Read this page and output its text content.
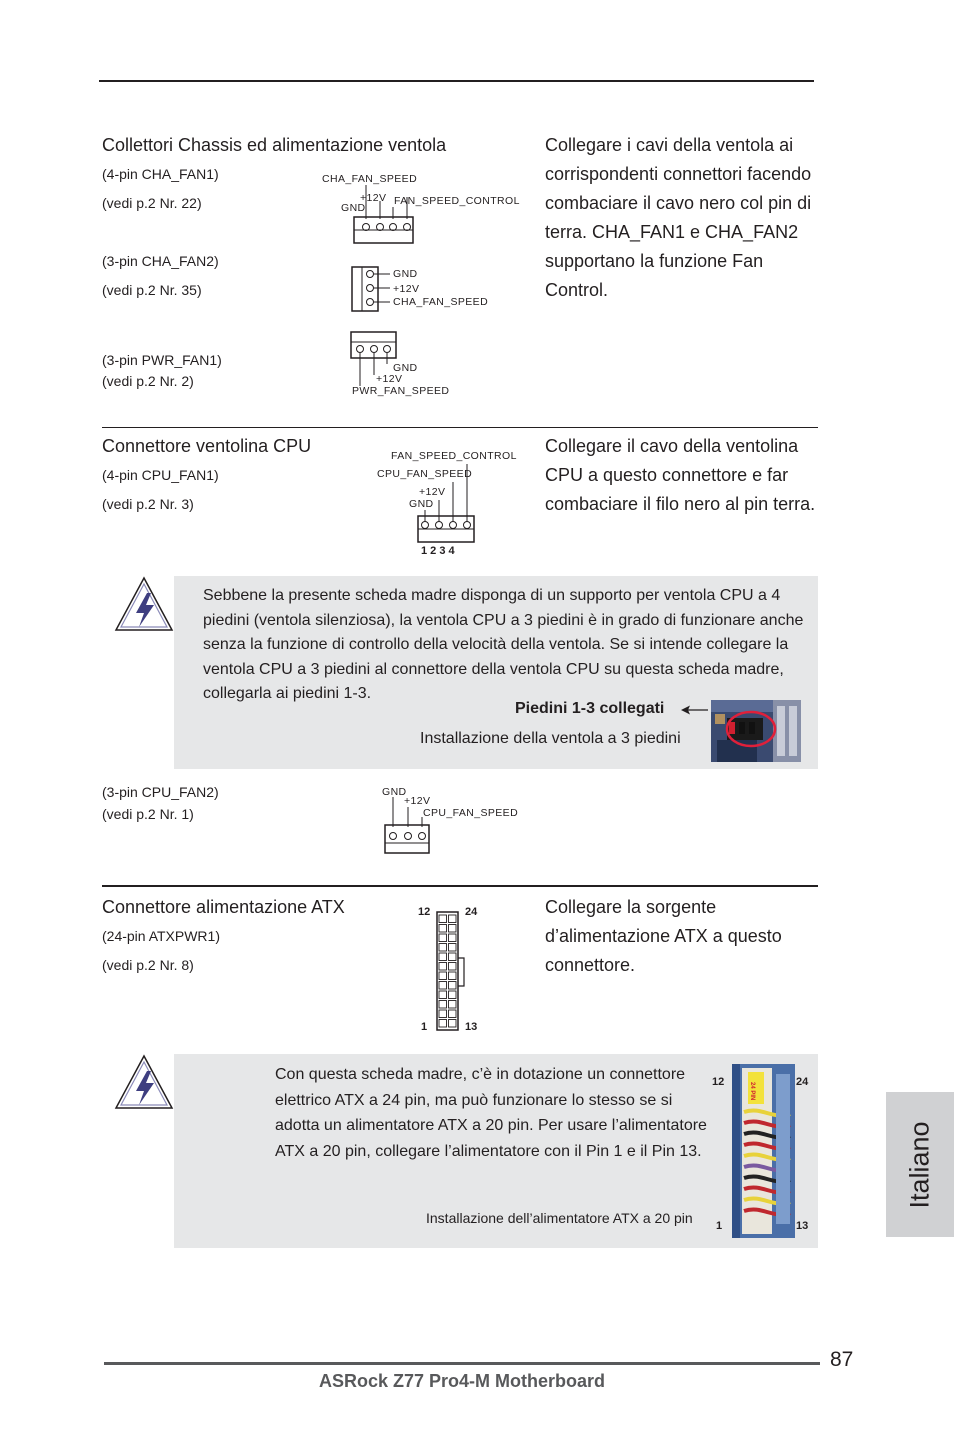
Collettori Chassis ed alimentazione ventola
(4-pin CHA_FAN1)
(vedi p.2 Nr. 22)
(3-pin CHA_FAN2)
(vedi p.2 Nr. 35)
(3-pin PWR_FAN1)
(vedi p.2 Nr. 2)
Collegare i cavi della ventola ai corrispondenti connettori facendo combaciare il cavo nero col pin di terra. CHA_FAN1 e CHA_FAN2 supportano la funzione Fan Control.
CHA_FAN_SPEED
+12V
GND
FAN_SPEED_CONTROL
GND
+12V
CHA_FAN_SPEED
GND
+12V
PWR_FAN_SPEED
Connettore ventolina CPU
(4-pin CPU_FAN1)
(vedi p.2 Nr. 3)
Collegare il cavo della ventolina CPU a questo connettore e far combaciare il filo nero al pin terra.
FAN_SPEED_CONTROL
CPU_FAN_SPEED
+12V
GND
1 2 3 4
Sebbene la presente scheda madre disponga di un supporto per ventola CPU a 4 piedini (ventola silenziosa), la ventola CPU a 3 piedini è in grado di funzionare anche senza la funzione di controllo della velocità della ventola. Se si intende collegare la ventola CPU a 3 piedini al connettore della ventola CPU su questa scheda madre, collegarla ai piedini 1-3.
Piedini 1-3 collegati
Installazione della ventola a 3 piedini
(3-pin CPU_FAN2)
(vedi p.2 Nr. 1)
GND
+12V
CPU_FAN_SPEED
Connettore alimentazione ATX
(24-pin ATXPWR1)
(vedi p.2 Nr. 8)
Collegare la sorgente d’alimentazione ATX a questo connettore.
12	24
1	13
Con questa scheda madre, c’è in dotazione un connettore elettrico ATX a 24 pin, ma può funzionare lo stesso se si adotta un alimentatore ATX a 20 pin. Per usare l’alimentatore ATX a 20 pin, collegare l’alimentatore con il Pin 1 e il Pin 13.
Installazione dell’alimentatore ATX a 20 pin
12	24
1	13
24 PIN
Italiano
87
ASRock Z77 Pro4-M Motherboard
